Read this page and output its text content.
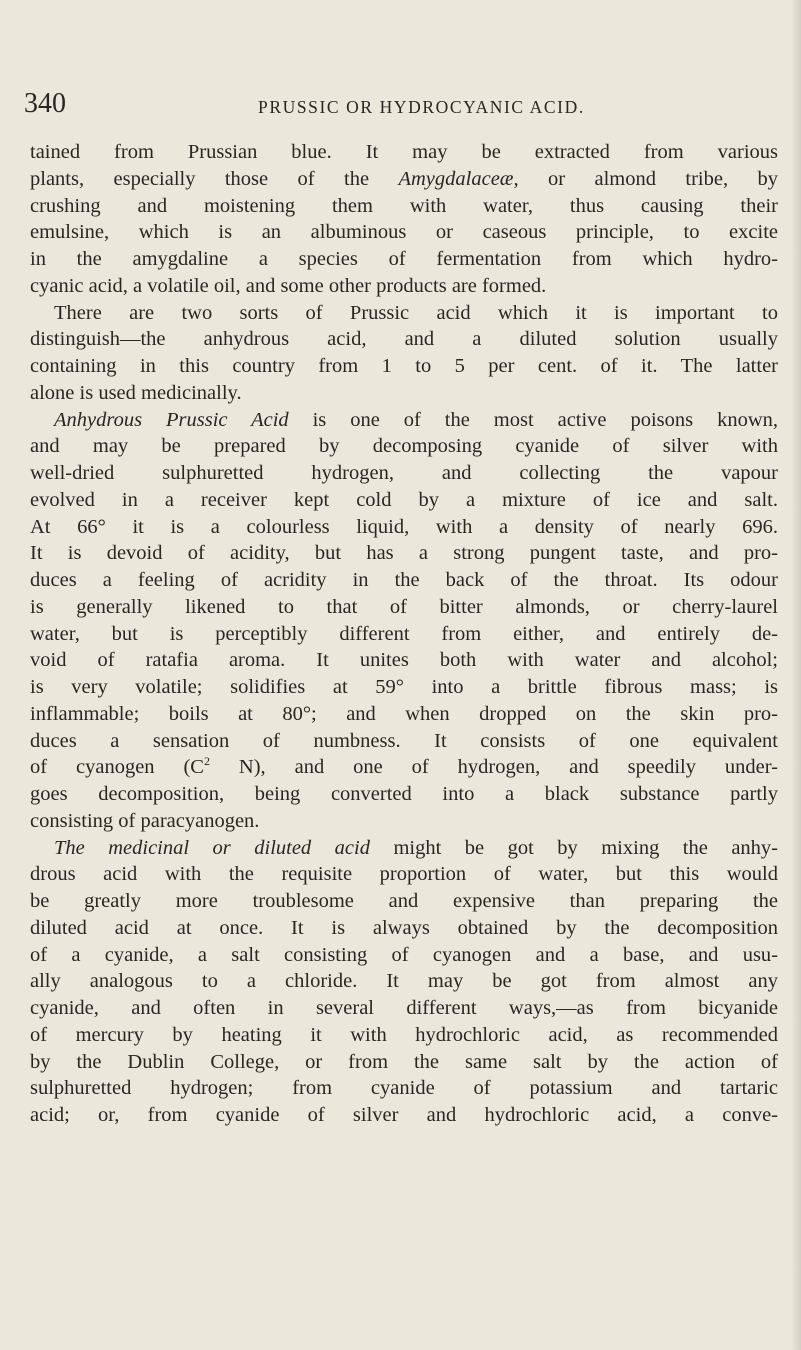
340	PRUSSIC OR HYDROCYANIC ACID.

tained from Prussian blue. It may be extracted from various
plants, especially those of the Amygdalaceæ, or almond tribe, by
crushing and moistening them with water, thus causing their
emulsine, which is an albuminous or caseous principle, to excite
in the amygdaline a species of fermentation from which hydro-
cyanic acid, a volatile oil, and some other products are formed.

There are two sorts of Prussic acid which it is important to
distinguish—the anhydrous acid, and a diluted solution usually
containing in this country from 1 to 5 per cent. of it. The latter
alone is used medicinally.

Anhydrous Prussic Acid is one of the most active poisons known,
and may be prepared by decomposing cyanide of silver with
well-dried sulphuretted hydrogen, and collecting the vapour
evolved in a receiver kept cold by a mixture of ice and salt.
At 66° it is a colourless liquid, with a density of nearly 696.
It is devoid of acidity, but has a strong pungent taste, and pro-
duces a feeling of acridity in the back of the throat. Its odour
is generally likened to that of bitter almonds, or cherry-laurel
water, but is perceptibly different from either, and entirely de-
void of ratafia aroma. It unites both with water and alcohol;
is very volatile; solidifies at 59° into a brittle fibrous mass; is
inflammable; boils at 80°; and when dropped on the skin pro-
duces a sensation of numbness. It consists of one equivalent
of cyanogen ($C^2$ N), and one of hydrogen, and speedily under-
goes decomposition, being converted into a black substance partly
consisting of paracyanogen.

The medicinal or diluted acid might be got by mixing the anhy-
drous acid with the requisite proportion of water, but this would
be greatly more troublesome and expensive than preparing the
diluted acid at once. It is always obtained by the decomposition
of a cyanide, a salt consisting of cyanogen and a base, and usu-
ally analogous to a chloride. It may be got from almost any
cyanide, and often in several different ways,—as from bicyanide
of mercury by heating it with hydrochloric acid, as recommended
by the Dublin College, or from the same salt by the action of
sulphuretted hydrogen; from cyanide of potassium and tartaric
acid; or, from cyanide of silver and hydrochloric acid, a conve-
